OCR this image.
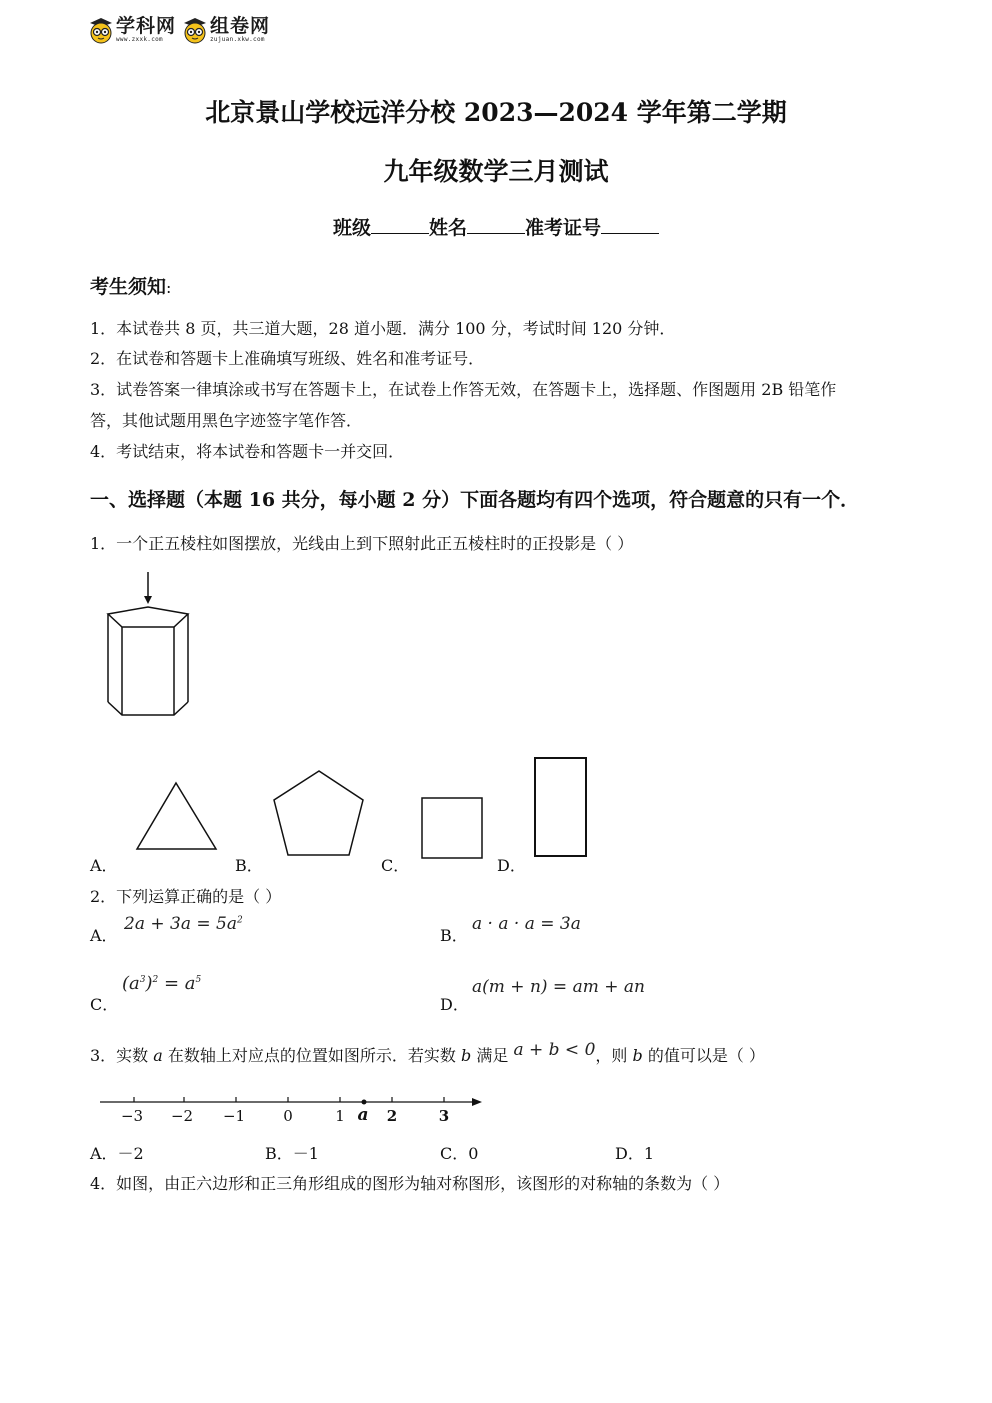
学科网
www.zxxk.com
组卷网
zujuan.xkw.com
北京景山学校远洋分校 2023—2024 学年第二学期
九年级数学三月测试
班级	姓名	准考证号
考生须知:
1．本试卷共 8 页，共三道大题，28 道小题．满分 100 分，考试时间 120 分钟．
2．在试卷和答题卡上准确填写班级、姓名和准考证号．
3．试卷答案一律填涂或书写在答题卡上，在试卷上作答无效，在答题卡上，选择题、作图题用 2B 铅笔作
答，其他试题用黑色字迹签字笔作答．
4．考试结束，将本试卷和答题卡一并交回．
一、选择题（本题 16 共分，每小题 2 分）下面各题均有四个选项，符合题意的只有一个．
1．一个正五棱柱如图摆放，光线由上到下照射此正五棱柱时的正投影是（ ）
A．	B．	C．	D．
2．下列运算正确的是（ ）
A．
$2a + 3a = 5a^2$
B．
a · a · a = 3a
C．
$(a^3)^2 = a^5$
D．
a(m + n) = am + an
3．实数 a 在数轴上对应点的位置如图所示．若实数 b 满足 a + b < 0，则 b 的值可以是（ ）
−3 −2 −1	0	1	2	3
a
A．－2	B．－1	C．0	D．1
4．如图，由正六边形和正三角形组成的图形为轴对称图形，该图形的对称轴的条数为（ ）
